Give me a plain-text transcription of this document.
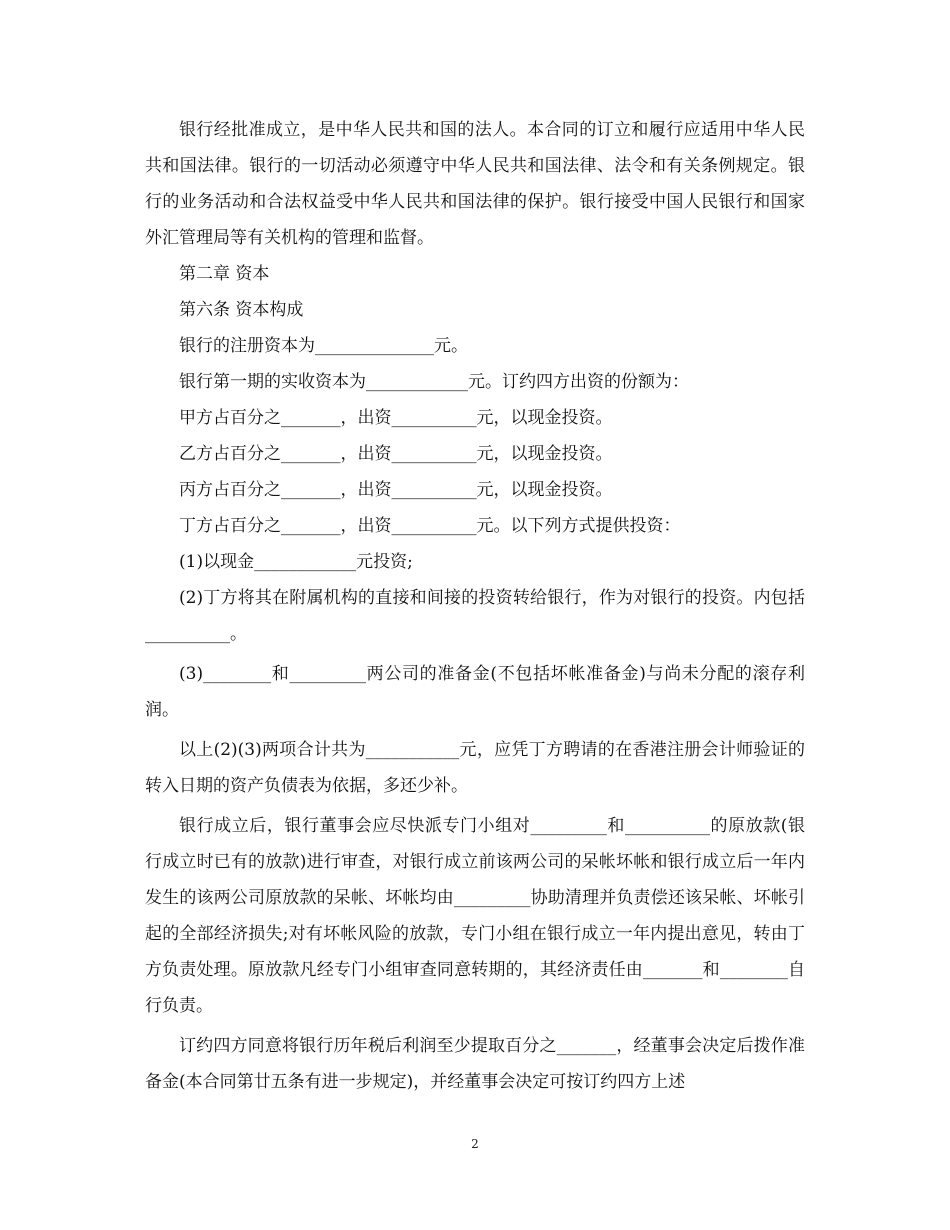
银行经批准成立，是中华人民共和国的法人。本合同的订立和履行应适用中华人民共和国法律。银行的一切活动必须遵守中华人民共和国法律、法令和有关条例规定。银行的业务活动和合法权益受中华人民共和国法律的保护。银行接受中国人民银行和国家外汇管理局等有关机构的管理和监督。

第二章 资本

第六条 资本构成

银行的注册资本为______________元。

银行第一期的实收资本为____________元。订约四方出资的份额为：

甲方占百分之_______，出资__________元，以现金投资。

乙方占百分之_______，出资__________元，以现金投资。

丙方占百分之_______，出资__________元，以现金投资。

丁方占百分之_______，出资__________元。以下列方式提供投资：

(1)以现金____________元投资;

(2)丁方将其在附属机构的直接和间接的投资转给银行，作为对银行的投资。内包括__________。

(3)________和_________两公司的准备金(不包括坏帐准备金)与尚未分配的滚存利润。

以上(2)(3)两项合计共为___________元，应凭丁方聘请的在香港注册会计师验证的转入日期的资产负债表为依据，多还少补。

银行成立后，银行董事会应尽快派专门小组对_________和__________的原放款(银行成立时已有的放款)进行审查，对银行成立前该两公司的呆帐坏帐和银行成立后一年内发生的该两公司原放款的呆帐、坏帐均由_________协助清理并负责偿还该呆帐、坏帐引起的全部经济损失;对有坏帐风险的放款，专门小组在银行成立一年内提出意见，转由丁方负责处理。原放款凡经专门小组审查同意转期的，其经济责任由_______和________自行负责。

订约四方同意将银行历年税后利润至少提取百分之_______，经董事会决定后拨作准备金(本合同第廿五条有进一步规定)，并经董事会决定可按订约四方上述

2
